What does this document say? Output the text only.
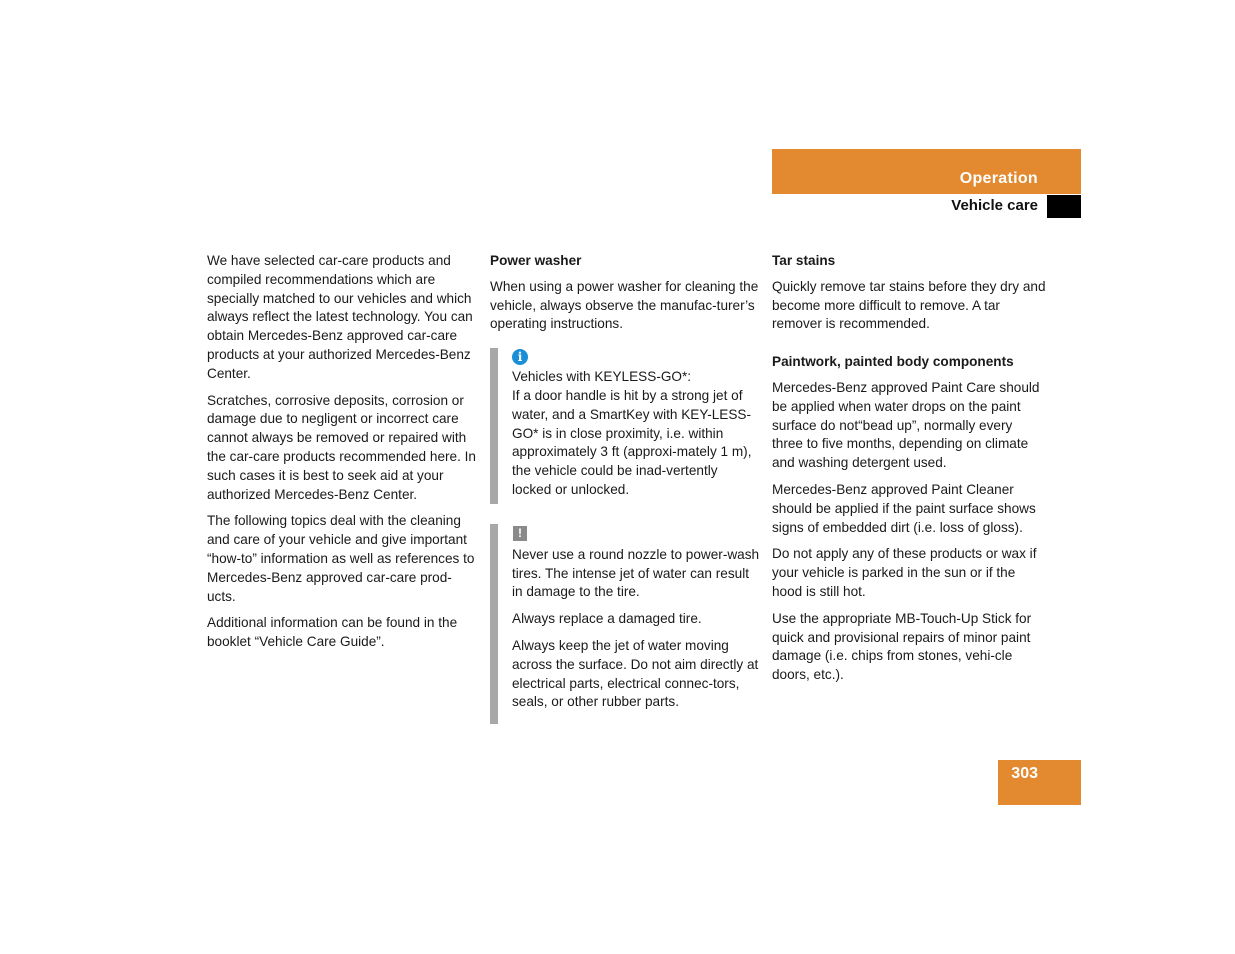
Operation
Vehicle care

We have selected car-care products and compiled recommendations which are specially matched to our vehicles and which always reflect the latest technology. You can obtain Mercedes-Benz approved car-care products at your authorized Mercedes-Benz Center.

Scratches, corrosive deposits, corrosion or damage due to negligent or incorrect care cannot always be removed or repaired with the car-care products recommended here. In such cases it is best to seek aid at your authorized Mercedes-Benz Center.

The following topics deal with the cleaning and care of your vehicle and give important “how-to” information as well as references to Mercedes-Benz approved car-care prod-ucts.

Additional information can be found in the booklet “Vehicle Care Guide”.

Power washer

When using a power washer for cleaning the vehicle, always observe the manufac-turer’s operating instructions.

i
Vehicles with KEYLESS-GO*:
If a door handle is hit by a strong jet of water, and a SmartKey with KEY-LESS-GO* is in close proximity, i.e. within approximately 3 ft (approxi-mately 1 m), the vehicle could be inad-vertently locked or unlocked.
!

Never use a round nozzle to power-wash tires. The intense jet of water can result in damage to the tire.

Always replace a damaged tire.

Always keep the jet of water moving across the surface. Do not aim directly at electrical parts, electrical connec-tors, seals, or other rubber parts.

Tar stains

Quickly remove tar stains before they dry and become more difficult to remove. A tar remover is recommended.

Paintwork, painted body components

Mercedes-Benz approved Paint Care should be applied when water drops on the paint surface do not“bead up”, normally every three to five months, depending on climate and washing detergent used.

Mercedes-Benz approved Paint Cleaner should be applied if the paint surface shows signs of embedded dirt (i.e. loss of gloss).

Do not apply any of these products or wax if your vehicle is parked in the sun or if the hood is still hot.

Use the appropriate MB-Touch-Up Stick for quick and provisional repairs of minor paint damage (i.e. chips from stones, vehi-cle doors, etc.).

303
